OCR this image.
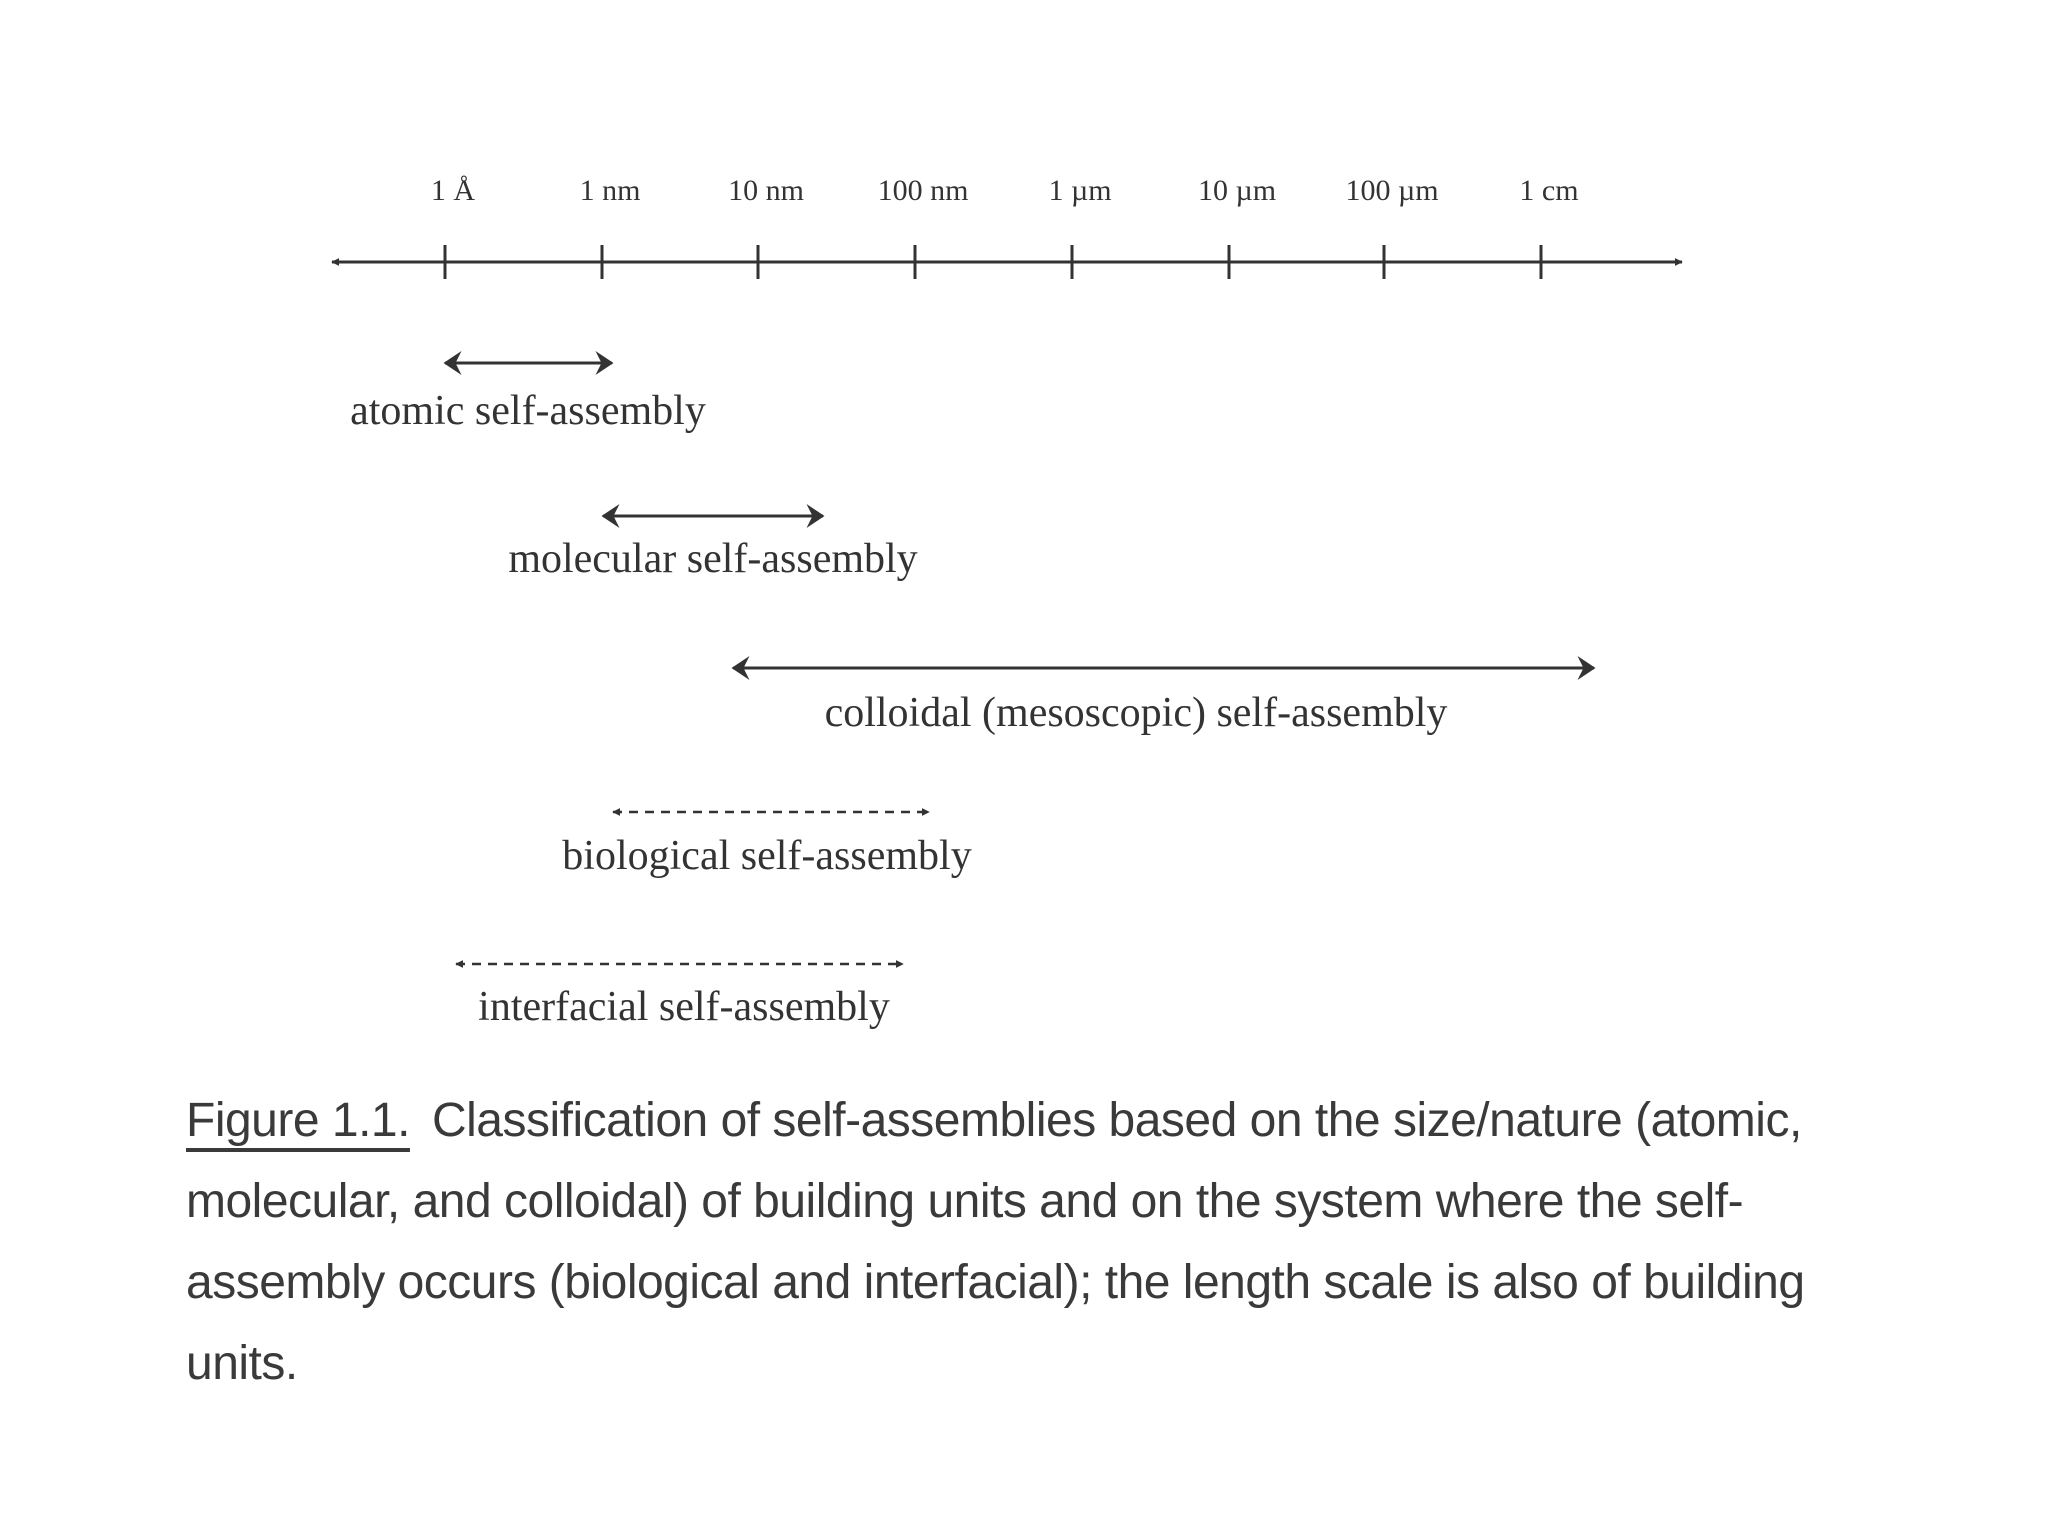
1 Å	1 nm	10 nm 100 nm	1 µm	10 µm 100 µm	1 cm
atomic self-assembly
molecular self-assembly
colloidal (mesoscopic) self-assembly
biological self-assembly
interfacial self-assembly
Figure 1.1. Classification of self-assemblies based on the size/nature (atomic, molecular, and colloidal) of building units and on the system where the self-assembly occurs (biological and interfacial); the length scale is also of building units.
